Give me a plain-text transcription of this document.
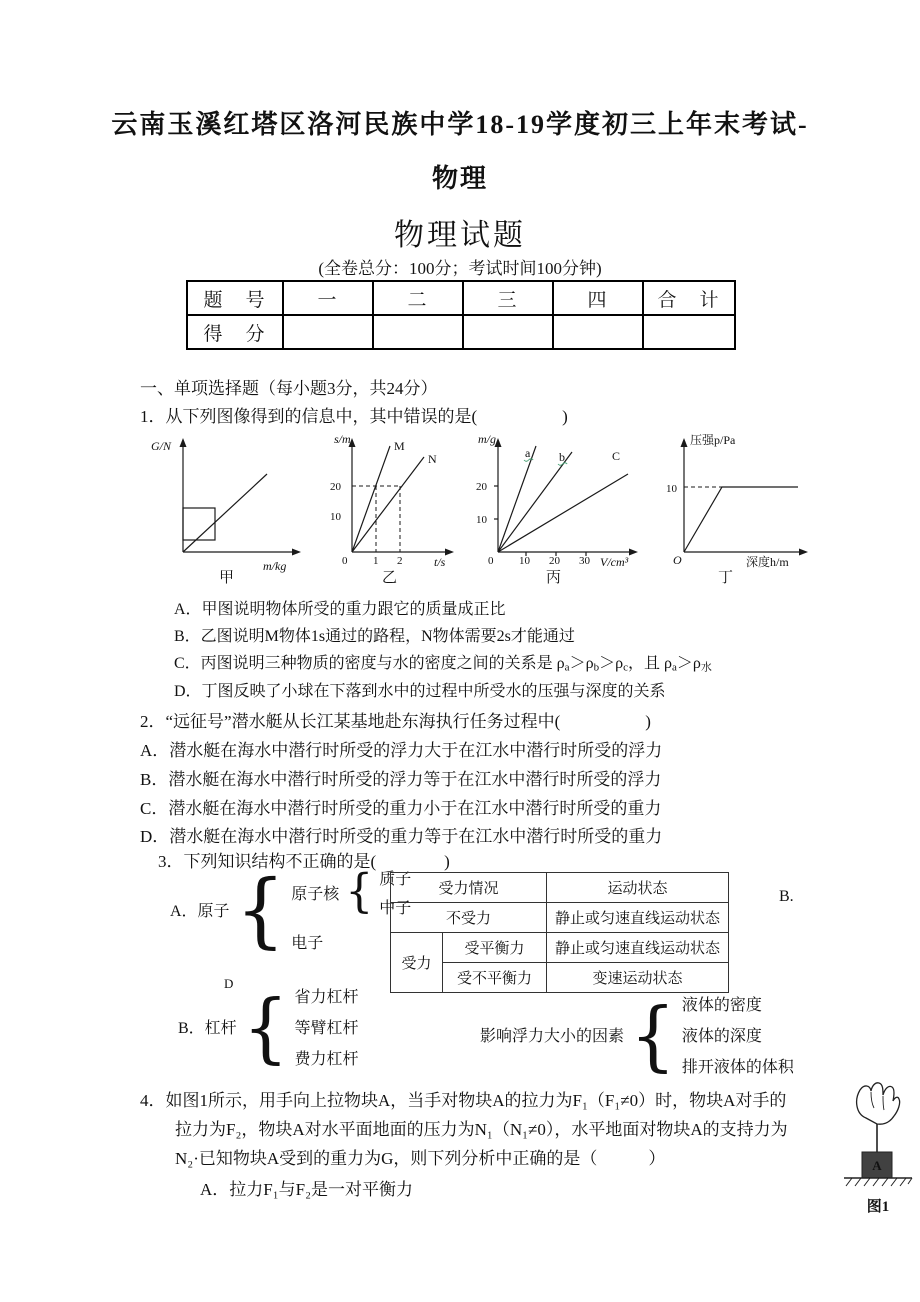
云南玉溪红塔区洛河民族中学18-19学度初三上年末考试-
物理
物理试题
(全卷总分：100分；考试时间100分钟)
题　号	一	二	三	四	合　计
得　分					
一、单项选择题（每小题3分，共24分）
1．从下列图像得到的信息中，其中错误的是(　　　　　)
G/N
m/kg
甲
s/m	M
N
20
10
0 1 2	t/s
乙
m/g
a b	C
20
10
0 10 20 30 V/cm³
丙
压强p/Pa
10
O	深度h/m
丁
A．甲图说明物体所受的重力跟它的质量成正比
B．乙图说明M物体1s通过的路程，N物体需要2s才能通过
C．丙图说明三种物质的密度与水的密度之间的关系是 ρa＞ρb＞ρc，且 ρa＞ρ水
D．丁图反映了小球在下落到水中的过程中所受水的压强与深度的关系
2．“远征号”潜水艇从长江某基地赴东海执行任务过程中(　　　　　)
A．潜水艇在海水中潜行时所受的浮力大于在江水中潜行时所受的浮力
B．潜水艇在海水中潜行时所受的浮力等于在江水中潜行时所受的浮力
C．潜水艇在海水中潜行时所受的重力小于在江水中潜行时所受的重力
D．潜水艇在海水中潜行时所受的重力等于在江水中潜行时所受的重力
3．下列知识结构不正确的是(　　　　)
A．原子 { 原子核 { 质子
中子
电子
受力情况		运动状态
不受力		静止或匀速直线运动状态
受力	受平衡力	静止或匀速直线运动状态
	受不平衡力	变速运动状态
B.
D
B．杠杆 { 省力杠杆
等臂杠杆
费力杠杆
影响浮力大小的因素 { 液体的密度
液体的深度
排开液体的体积
4．如图1所示，用手向上拉物块A，当手对物块A的拉力为F₁（F₁≠0）时，物块A对手的
拉力为F₂，物块A对水平面地面的压力为N₁（N₁≠0），水平地面对物块A的支持力为
N₂·已知物块A受到的重力为G，则下列分析中正确的是（　　　）
A．拉力F₁与F₂是一对平衡力
A
图1
